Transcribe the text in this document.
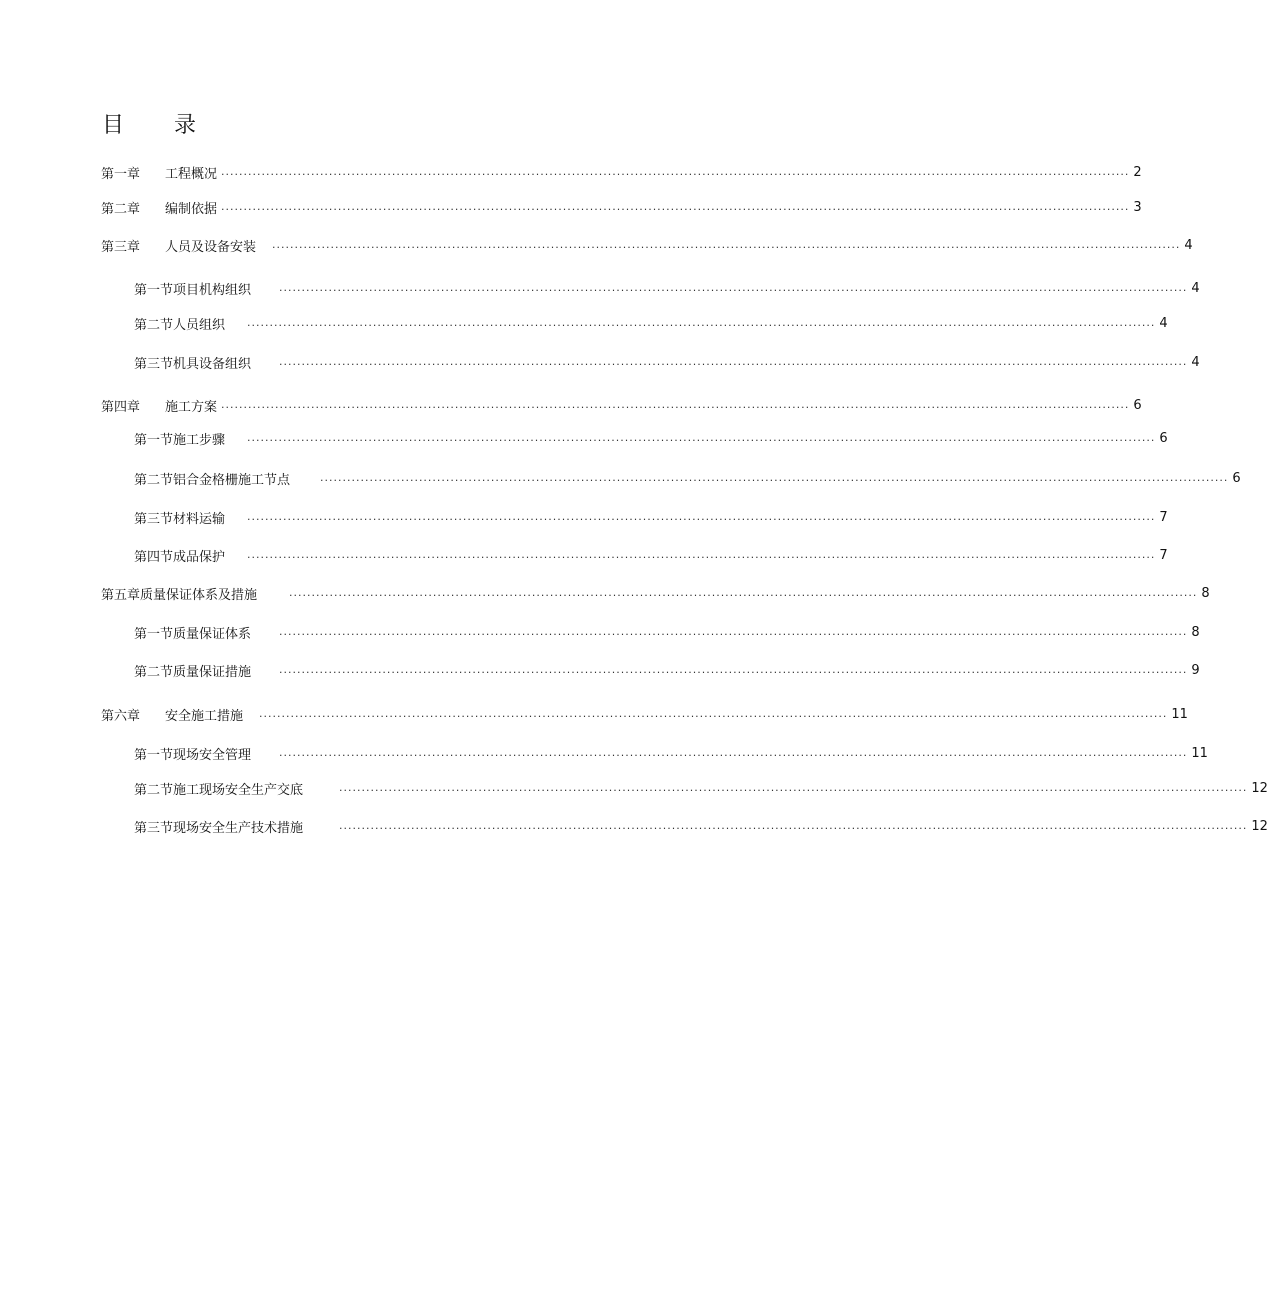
目 录
第一章 工程概况 .......................................................................................................................................................................................................... 2
第二章 编制依据 .......................................................................................................................................................................................................... 3
第三章 人员及设备安装 .......................................................................................................................................................................................................... 4
第一节项目机构组织	.......................................................................................................................................................................................................... 4
第二节人员组织 .......................................................................................................................................................................................................... 4
第三节机具设备组织	.......................................................................................................................................................................................................... 4
第四章 施工方案 .......................................................................................................................................................................................................... 6
第一节施工步骤 .......................................................................................................................................................................................................... 6
第二节铝合金格栅施工节点	.......................................................................................................................................................................................................... 6
第三节材料运输 .......................................................................................................................................................................................................... 7
第四节成品保护 .......................................................................................................................................................................................................... 7
第五章质量保证体系及措施	.......................................................................................................................................................................................................... 8
第一节质量保证体系	.......................................................................................................................................................................................................... 8
第二节质量保证措施	.......................................................................................................................................................................................................... 9
第六章 安全施工措施 .......................................................................................................................................................................................................... 11
第一节现场安全管理	.......................................................................................................................................................................................................... 11
第二节施工现场安全生产交底	.......................................................................................................................................................................................................... 12
第三节现场安全生产技术措施	.......................................................................................................................................................................................................... 12
